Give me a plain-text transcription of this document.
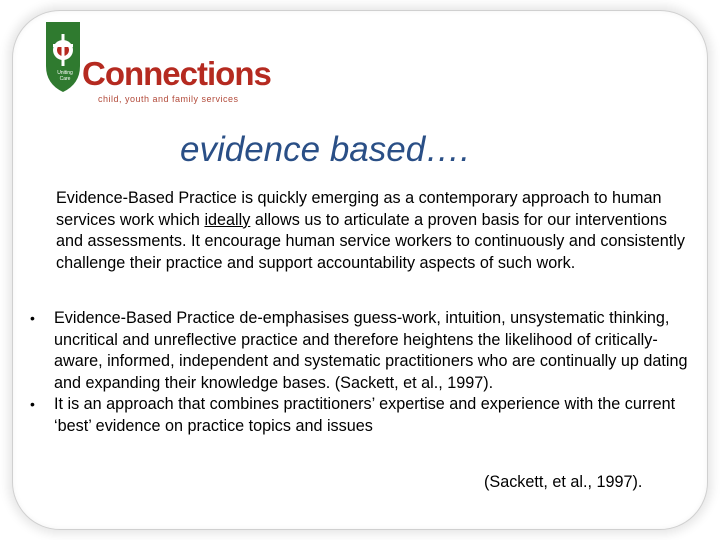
Uniting Care Connections
child, youth and family services
evidence based….

Evidence-Based Practice is quickly emerging as a contemporary approach to human services work which ideally allows us to articulate a proven basis for our interventions and assessments. It encourage human service workers to continuously and consistently challenge their practice and support accountability aspects of such work.

• Evidence-Based Practice de-emphasises guess-work, intuition, unsystematic thinking, uncritical and unreflective practice and therefore heightens the likelihood of critically-aware, informed, independent and systematic practitioners who are continually up dating and expanding their knowledge bases. (Sackett, et al., 1997).
• It is an approach that combines practitioners’ expertise and experience with the current ‘best’ evidence on practice topics and issues
(Sackett, et al., 1997).
